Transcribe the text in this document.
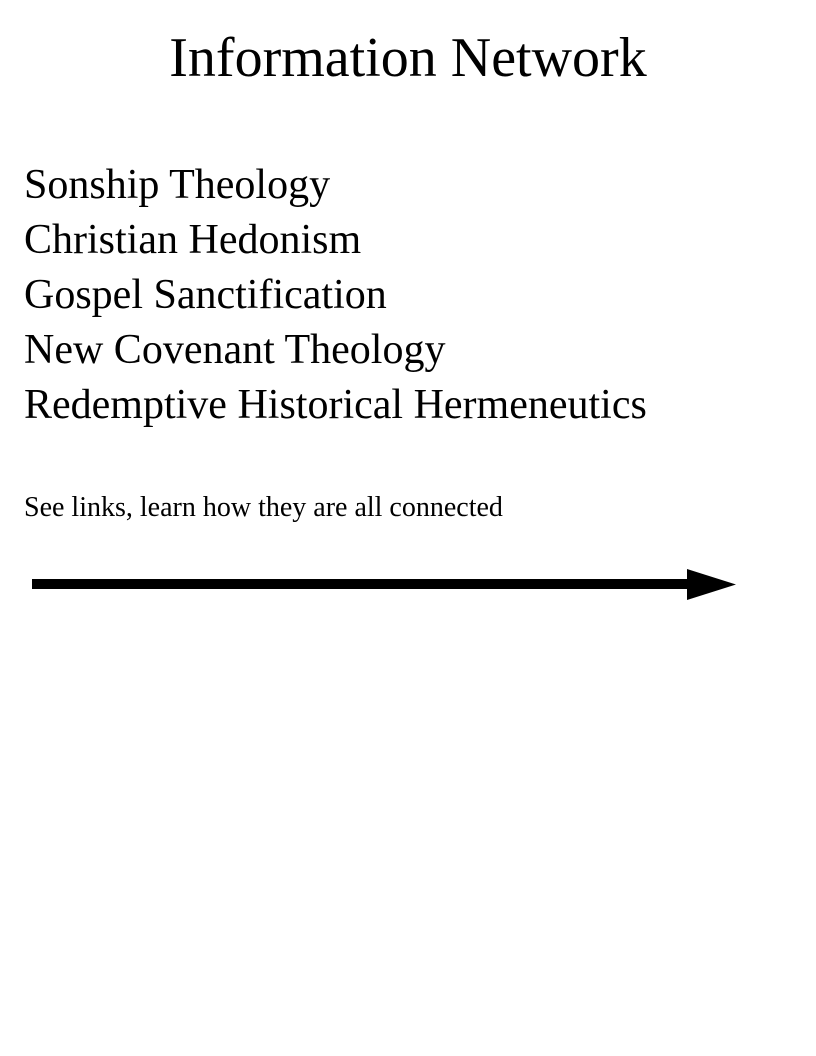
Information Network
Sonship Theology
Christian Hedonism
Gospel Sanctification
New Covenant Theology
Redemptive Historical Hermeneutics
See links, learn how they are all connected
